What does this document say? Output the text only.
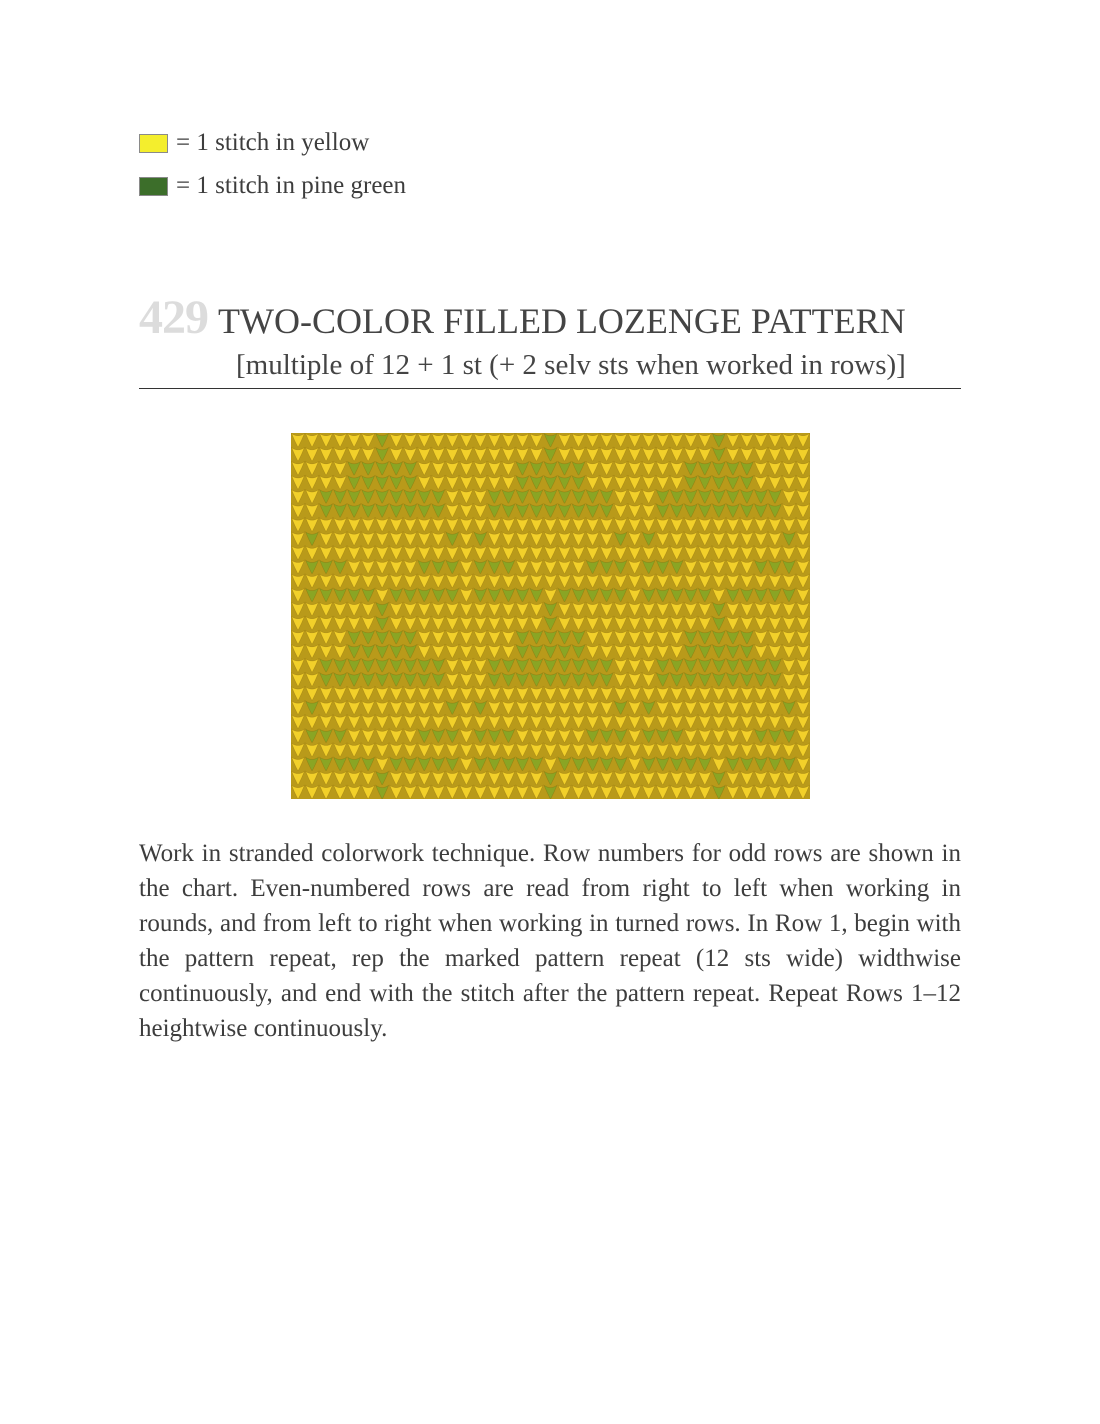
= 1 stitch in yellow
= 1 stitch in pine green
429 TWO-COLOR FILLED LOZENGE PATTERN
[multiple of 12 + 1 st (+ 2 selv sts when worked in rows)]

Work in stranded colorwork technique. Row numbers for odd rows are shown in the chart. Even-numbered rows are read from right to left when working in rounds, and from left to right when working in turned rows. In Row 1, begin with the pattern repeat, rep the marked pattern repeat (12 sts wide) widthwise continuously, and end with the stitch after the pattern repeat. Repeat Rows 1–12 heightwise continuously.
